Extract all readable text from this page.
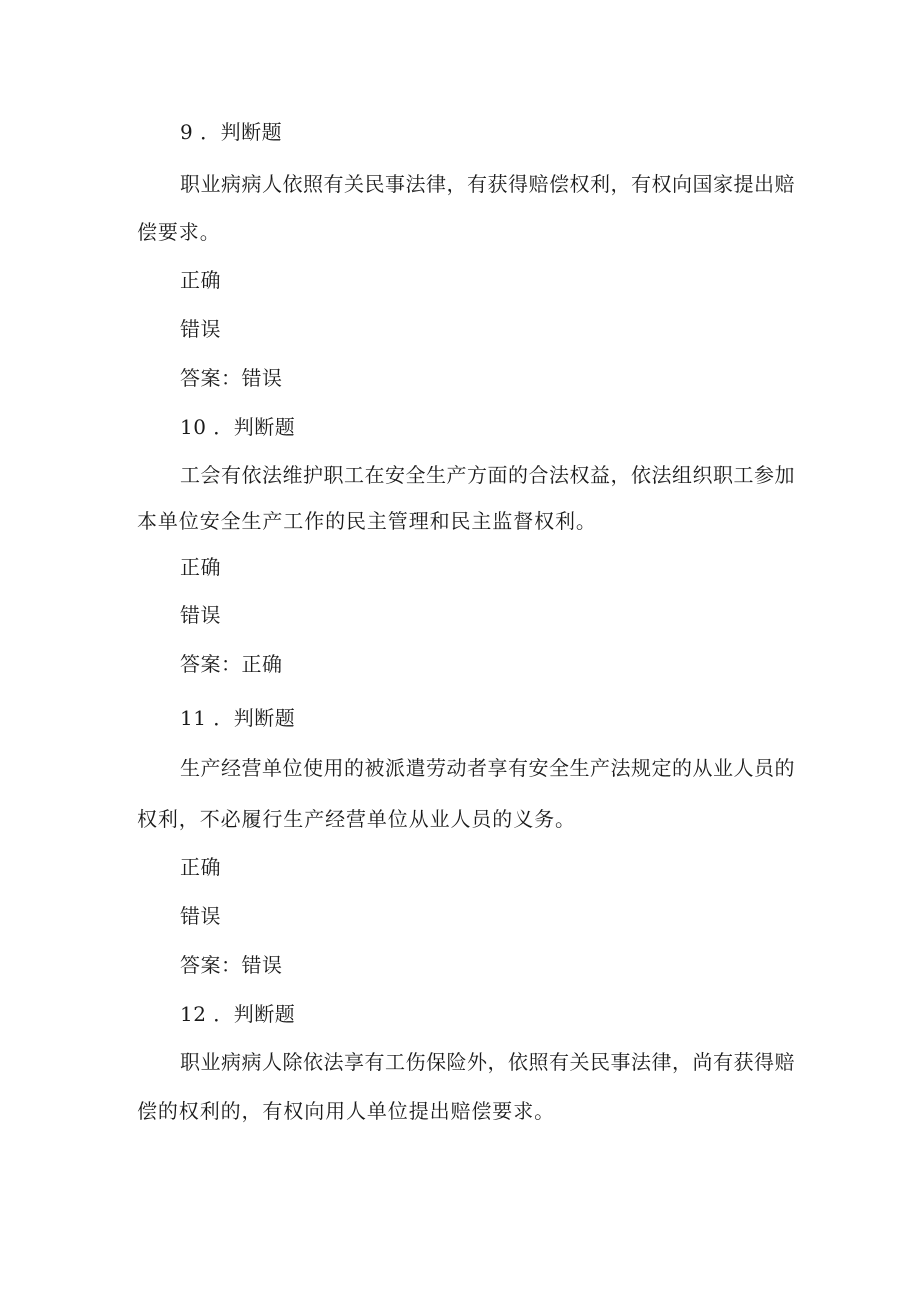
9 ．判断题
职业病病人依照有关民事法律，有获得赔偿权利，有权向国家提出赔
偿要求。
正确
错误
答案：错误
10 ．判断题
工会有依法维护职工在安全生产方面的合法权益，依法组织职工参加
本单位安全生产工作的民主管理和民主监督权利。
正确
错误
答案：正确
11 ．判断题
生产经营单位使用的被派遣劳动者享有安全生产法规定的从业人员的
权利，不必履行生产经营单位从业人员的义务。
正确
错误
答案：错误
12 ．判断题
职业病病人除依法享有工伤保险外，依照有关民事法律，尚有获得赔
偿的权利的，有权向用人单位提出赔偿要求。
